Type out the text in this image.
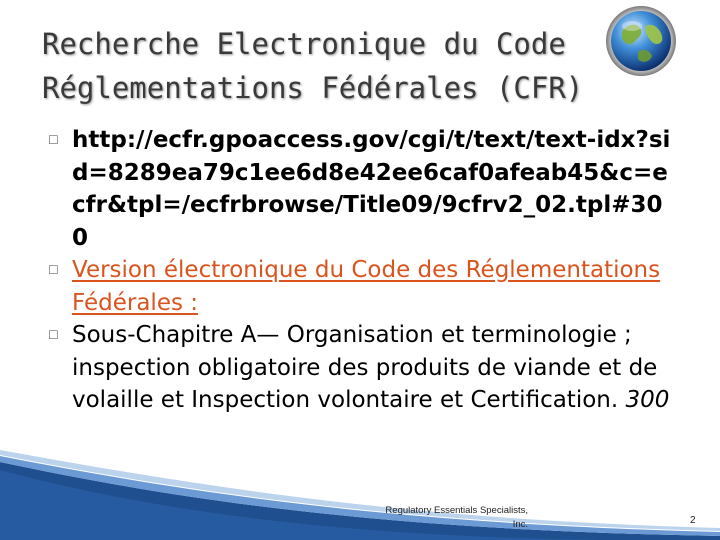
Recherche Electronique du Code
Réglementations Fédérales (CFR)
☐ http://ecfr.gpoaccess.gov/cgi/t/text/text-idx?sid=8289ea79c1ee6d8e42ee6caf0afeab45&c=ecfr&tpl=/ecfrbrowse/Title09/9cfrv2_02.tpl#300
☐ Version électronique du Code des Réglementations Fédérales :
☐ Sous-Chapitre A— Organisation et terminologie ; inspection obligatoire des produits de viande et de volaille et Inspection volontaire et Certification. 300
Regulatory Essentials Specialists,
Inc.	2
